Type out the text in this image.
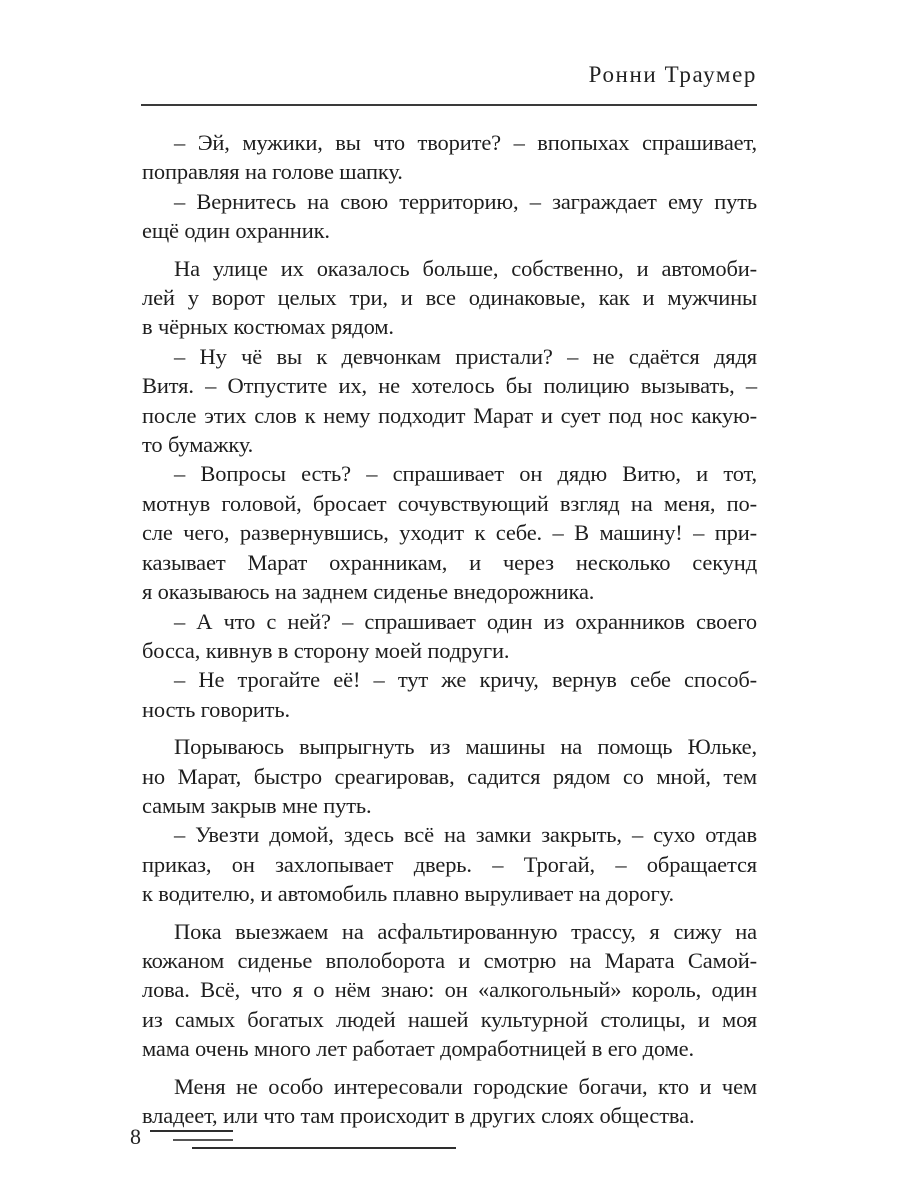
Ронни Траумер

– Эй, мужики, вы что творите? – впопыхах спрашивает,
поправляя на голове шапку.

– Вернитесь на свою территорию, – заграждает ему путь
ещё один охранник.

На улице их оказалось больше, собственно, и автомоби-
лей у ворот целых три, и все одинаковые, как и мужчины
в чёрных костюмах рядом.

– Ну чё вы к девчонкам пристали? – не сдаётся дядя
Витя. – Отпустите их, не хотелось бы полицию вызывать, –
после этих слов к нему подходит Марат и сует под нос какую-
то бумажку.

– Вопросы есть? – спрашивает он дядю Витю, и тот,
мотнув головой, бросает сочувствующий взгляд на меня, по-
сле чего, развернувшись, уходит к себе. – В машину! – при-
казывает Марат охранникам, и через несколько секунд
я оказываюсь на заднем сиденье внедорожника.

– А что с ней? – спрашивает один из охранников своего
босса, кивнув в сторону моей подруги.

– Не трогайте её! – тут же кричу, вернув себе способ-
ность говорить.

Порываюсь выпрыгнуть из машины на помощь Юльке,
но Марат, быстро среагировав, садится рядом со мной, тем
самым закрыв мне путь.

– Увезти домой, здесь всё на замки закрыть, – сухо отдав
приказ, он захлопывает дверь. – Трогай, – обращается
к водителю, и автомобиль плавно выруливает на дорогу.

Пока выезжаем на асфальтированную трассу, я сижу на
кожаном сиденье вполоборота и смотрю на Марата Самой-
лова. Всё, что я о нём знаю: он «алкогольный» король, один
из самых богатых людей нашей культурной столицы, и моя
мама очень много лет работает домработницей в его доме.

Меня не особо интересовали городские богачи, кто и чем
владеет, или что там происходит в других слоях общества.

8
